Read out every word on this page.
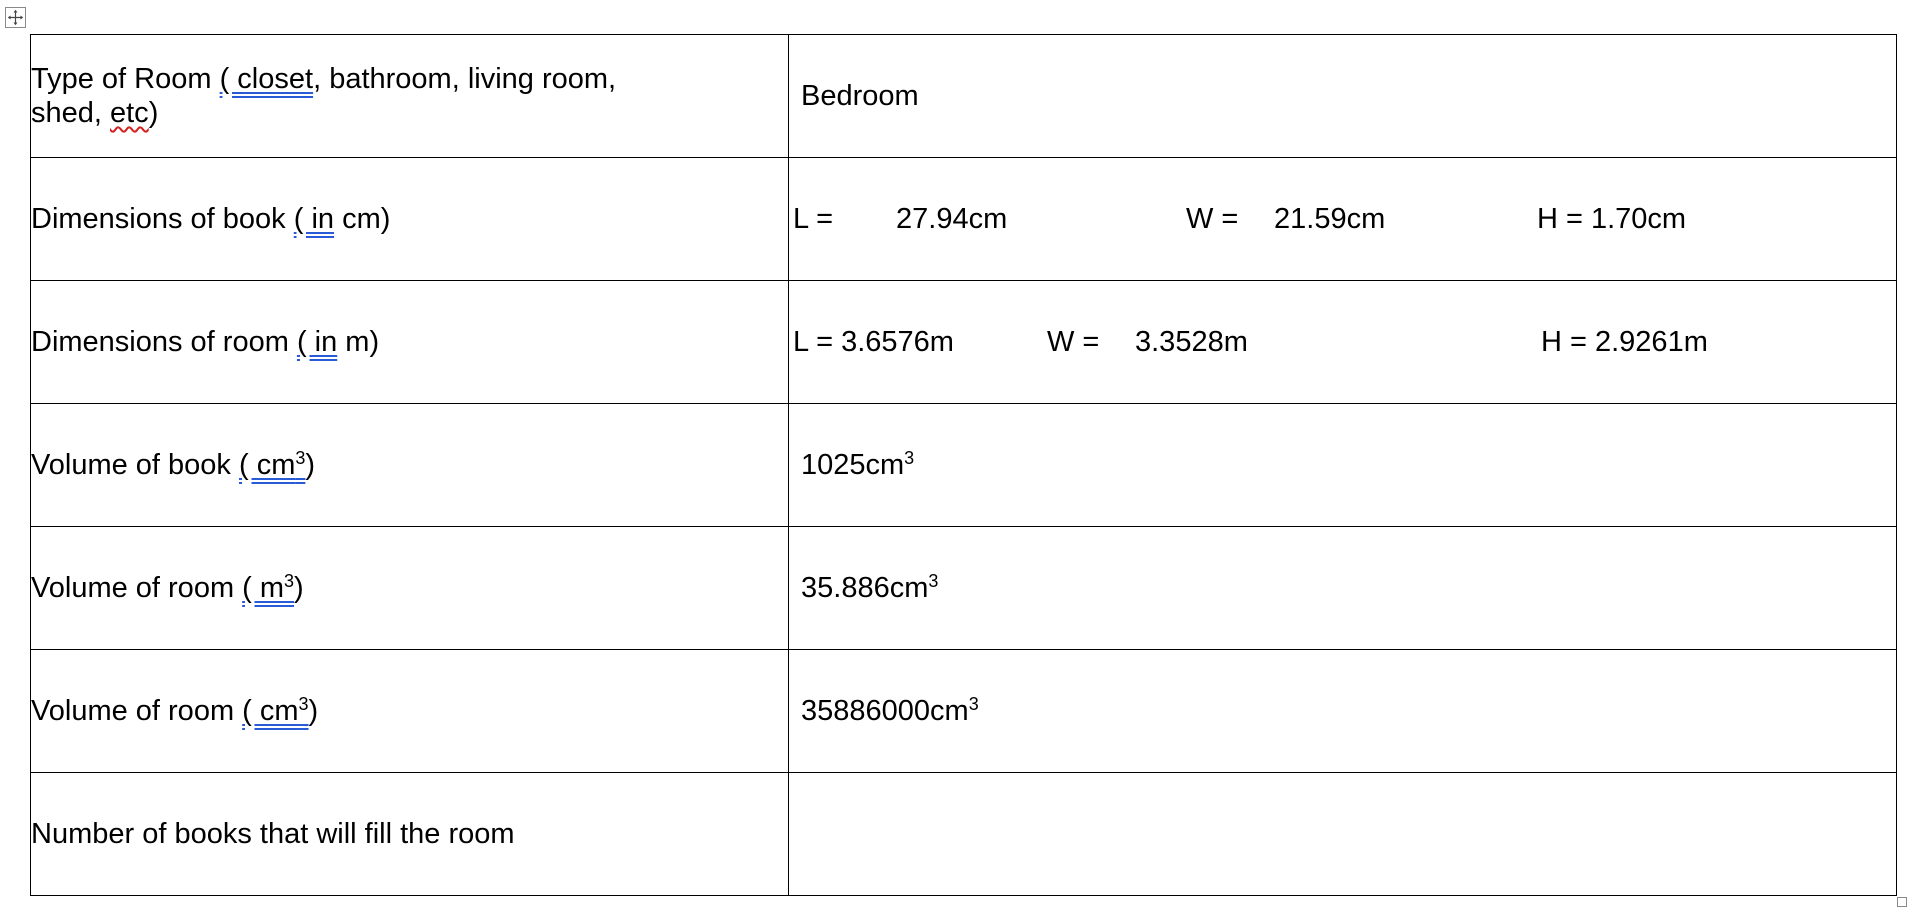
Type of Room ( closet, bathroom, living room,
shed, etc)	Bedroom

Dimensions of book ( in cm)	L = 27.94cm W = 21.59cm H = 1.70cm

Dimensions of room ( in m)	L = 3.6576m W = 3.3528m H = 2.9261m

Volume of book ( $cm^3$)	$1025cm^3$

Volume of room ( $m^3$)	$35.886cm^3$

Volume of room ( $cm^3$)	$35886000cm^3$

Number of books that will fill the room	
